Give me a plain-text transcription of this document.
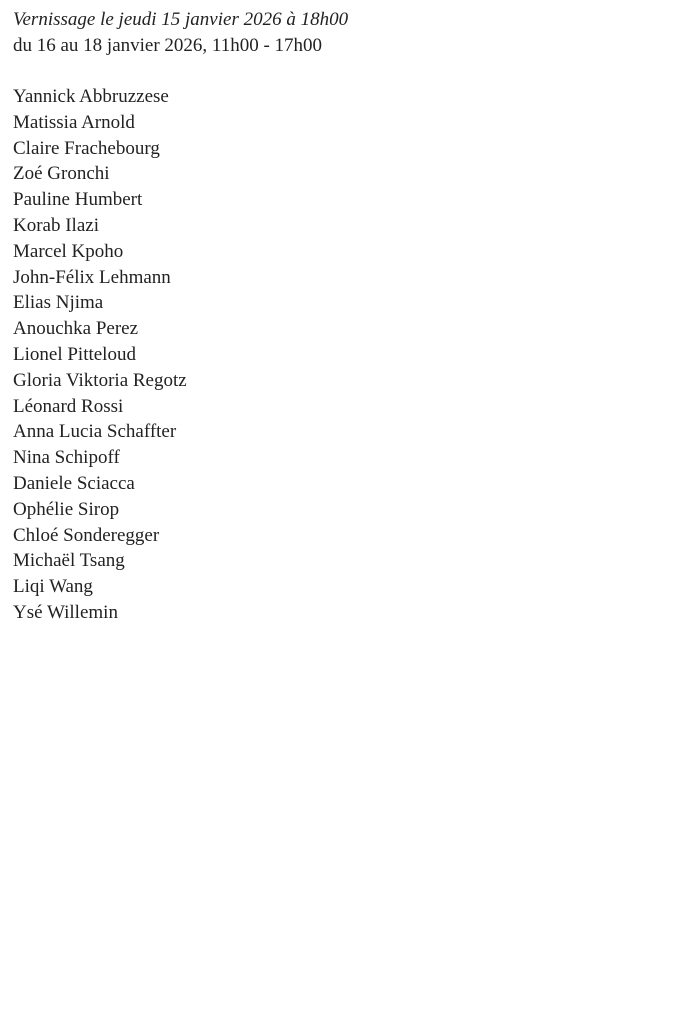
Vernissage le jeudi 15 janvier 2026 à 18h00
du 16 au 18 janvier 2026, 11h00 - 17h00
Yannick Abbruzzese
Matissia Arnold
Claire Frachebourg
Zoé Gronchi
Pauline Humbert
Korab Ilazi
Marcel Kpoho
John-Félix Lehmann
Elias Njima
Anouchka Perez
Lionel Pitteloud
Gloria Viktoria Regotz
Léonard Rossi
Anna Lucia Schaffter
Nina Schipoff
Daniele Sciacca
Ophélie Sirop
Chloé Sonderegger
Michaël Tsang
Liqi Wang
Ysé Willemin
